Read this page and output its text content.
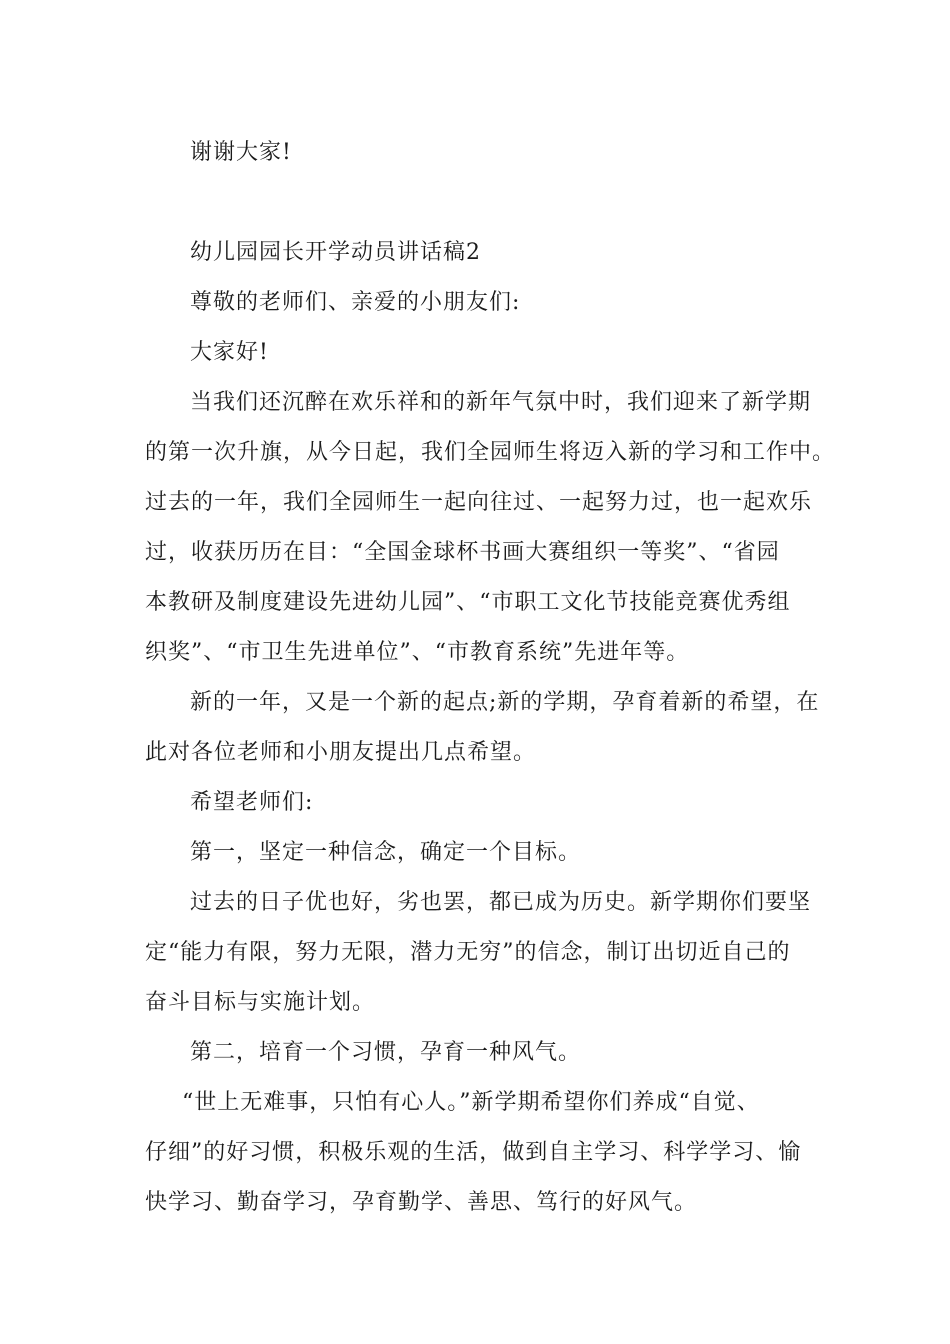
谢谢大家!
幼儿园园长开学动员讲话稿2
尊敬的老师们、亲爱的小朋友们:
大家好!
当我们还沉醉在欢乐祥和的新年气氛中时，我们迎来了新学期
的第一次升旗，从今日起，我们全园师生将迈入新的学习和工作中。
过去的一年，我们全园师生一起向往过、一起努力过，也一起欢乐
过，收获历历在目：“全国金球杯书画大赛组织一等奖”、“省园
本教研及制度建设先进幼儿园”、“市职工文化节技能竞赛优秀组
织奖”、“市卫生先进单位”、“市教育系统”先进年等。
新的一年，又是一个新的起点;新的学期，孕育着新的希望，在
此对各位老师和小朋友提出几点希望。
希望老师们:
第一，坚定一种信念，确定一个目标。
过去的日子优也好，劣也罢，都已成为历史。新学期你们要坚
定“能力有限，努力无限，潜力无穷”的信念，制订出切近自己的
奋斗目标与实施计划。
第二，培育一个习惯，孕育一种风气。
“世上无难事，只怕有心人。”新学期希望你们养成“自觉、
仔细”的好习惯，积极乐观的生活，做到自主学习、科学学习、愉
快学习、勤奋学习，孕育勤学、善思、笃行的好风气。
